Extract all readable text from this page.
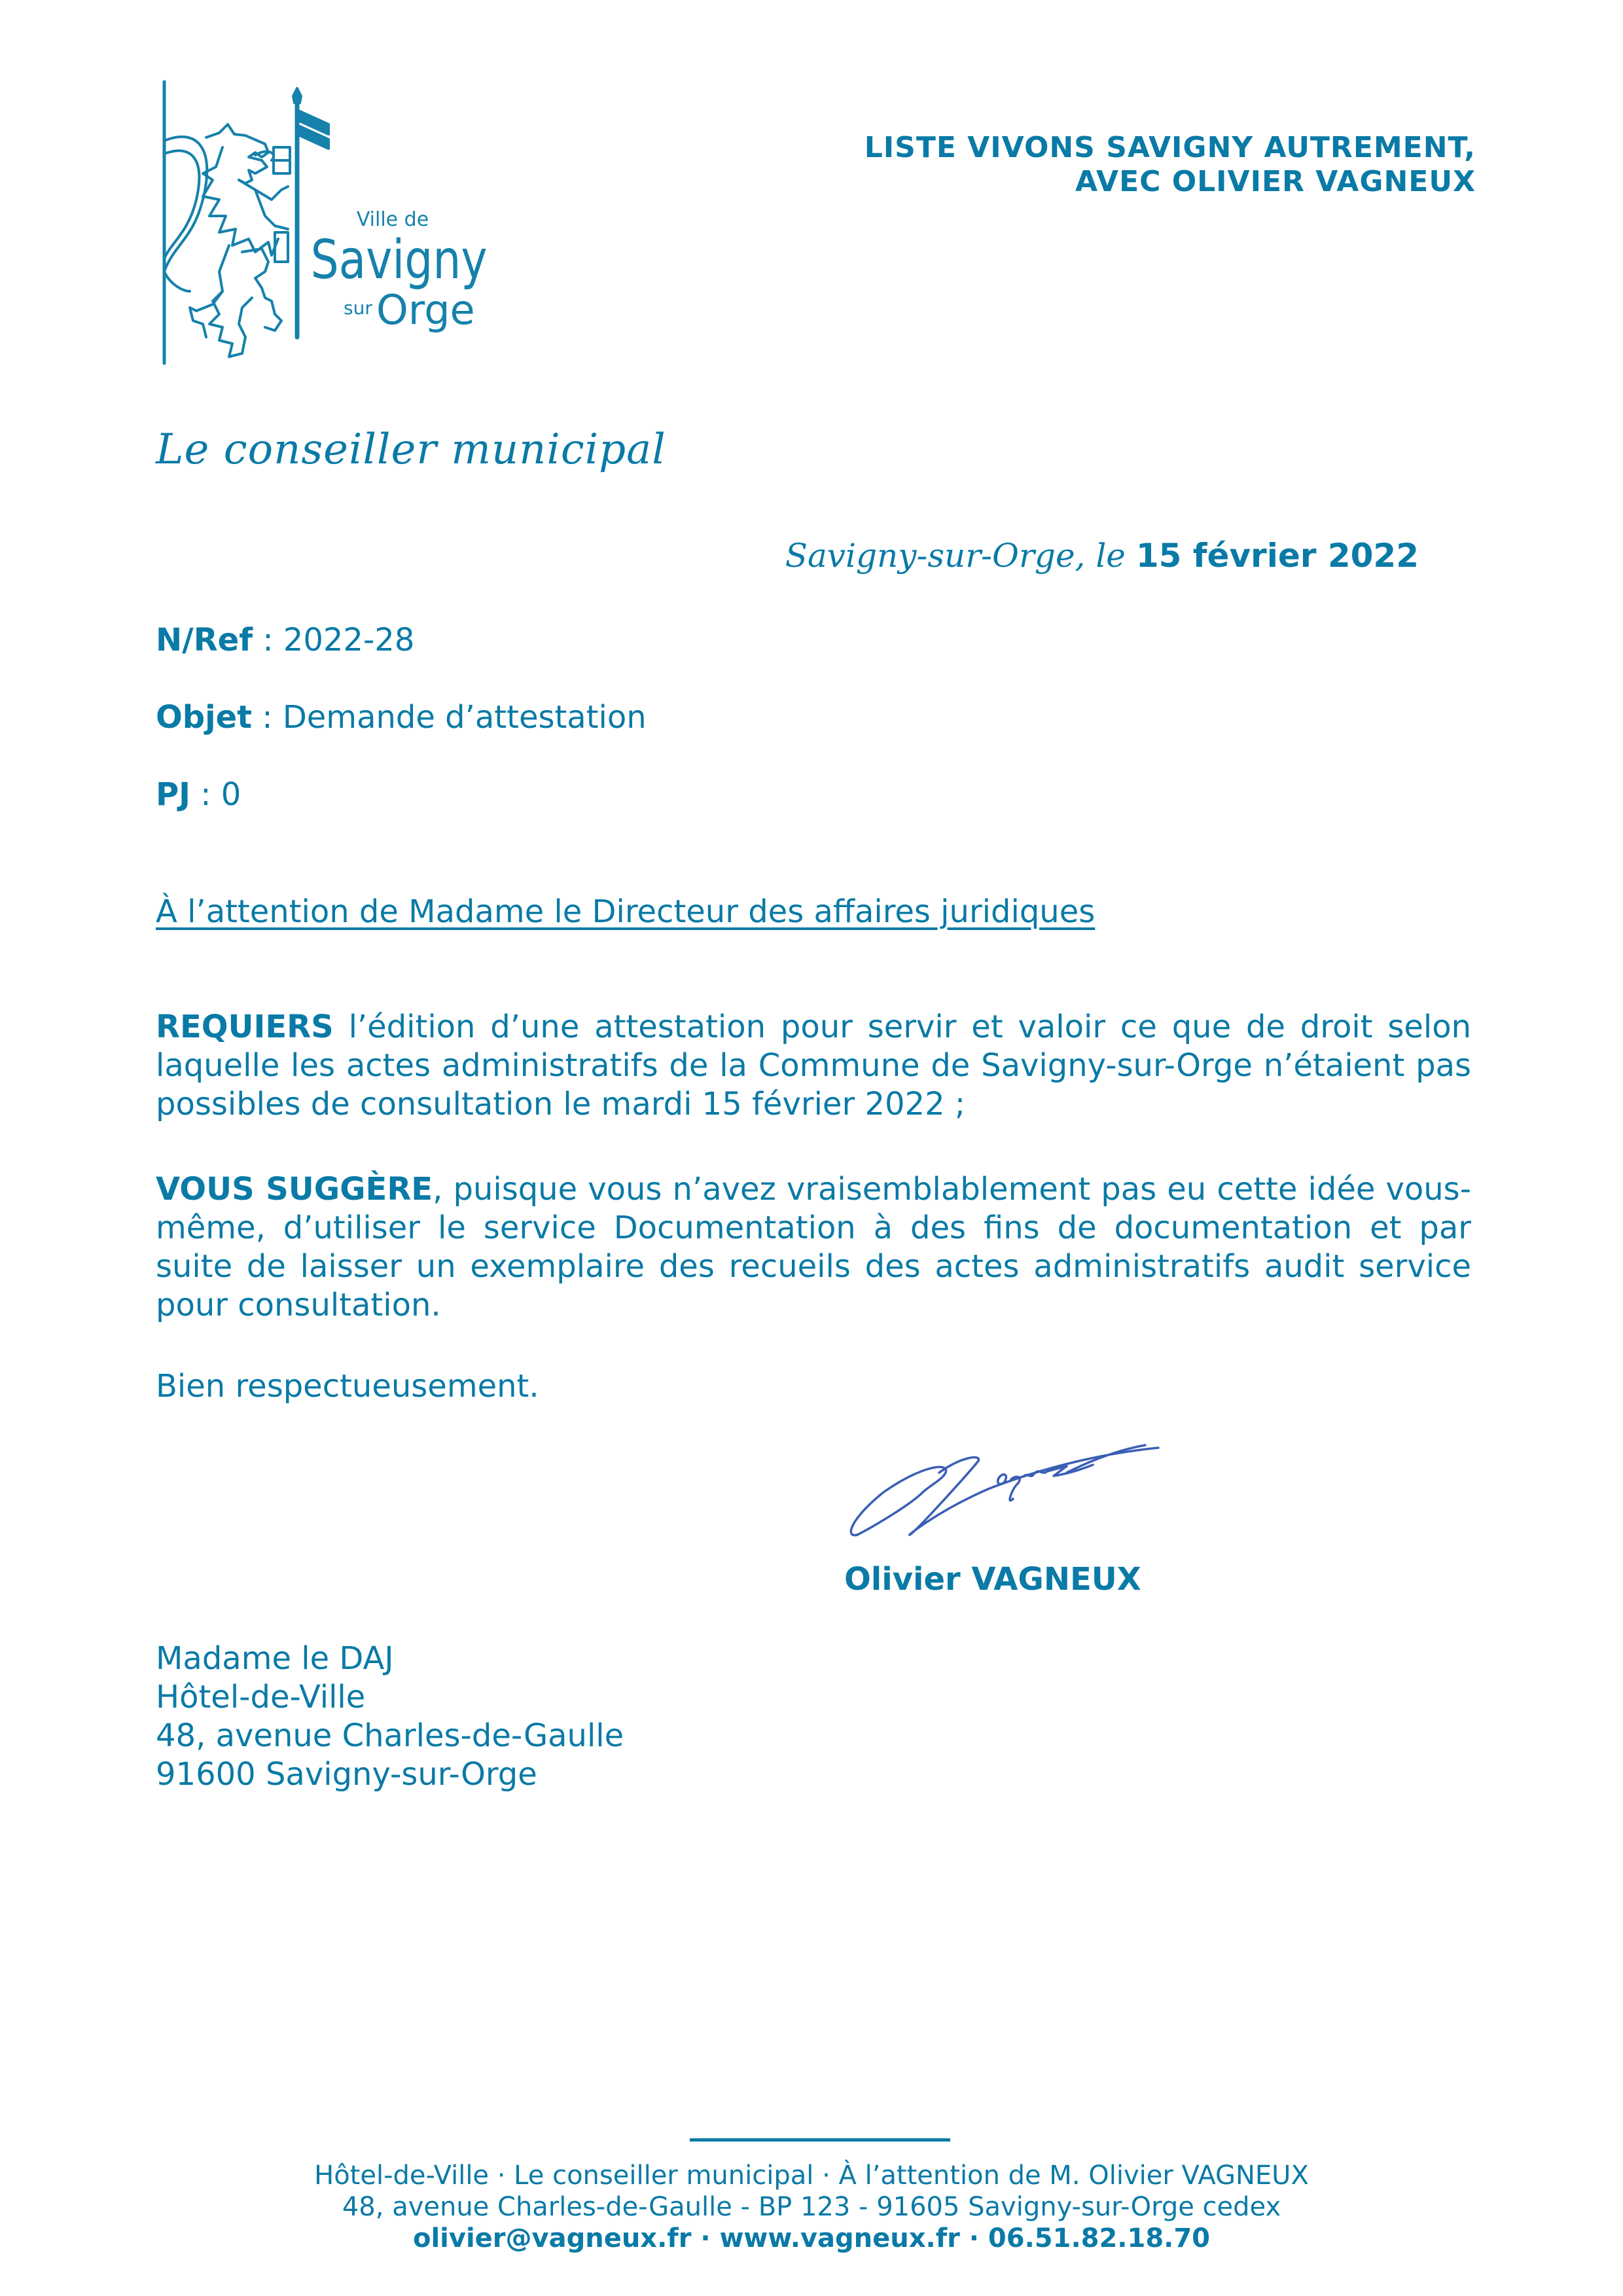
Ville de
Savigny
sur Orge
LISTE VIVONS SAVIGNY AUTREMENT,
AVEC OLIVIER VAGNEUX
Le conseiller municipal
Savigny-sur-Orge, le 15 février 2022
N/Ref : 2022-28
Objet : Demande d’attestation
PJ : 0
À l’attention de Madame le Directeur des affaires juridiques
REQUIERS l’édition d’une attestation pour servir et valoir ce que de droit selon laquelle les actes administratifs de la Commune de Savigny-sur-Orge n’étaient pas possibles de consultation le mardi 15 février 2022 ;
VOUS SUGGÈRE, puisque vous n’avez vraisemblablement pas eu cette idée vous-même, d’utiliser le service Documentation à des fins de documentation et par suite de laisser un exemplaire des recueils des actes administratifs audit service pour consultation.
Bien respectueusement.
Olivier VAGNEUX
Madame le DAJ
Hôtel-de-Ville
48, avenue Charles-de-Gaulle
91600 Savigny-sur-Orge
Hôtel-de-Ville · Le conseiller municipal · À l’attention de M. Olivier VAGNEUX
48, avenue Charles-de-Gaulle - BP 123 - 91605 Savigny-sur-Orge cedex
olivier@vagneux.fr · www.vagneux.fr · 06.51.82.18.70
